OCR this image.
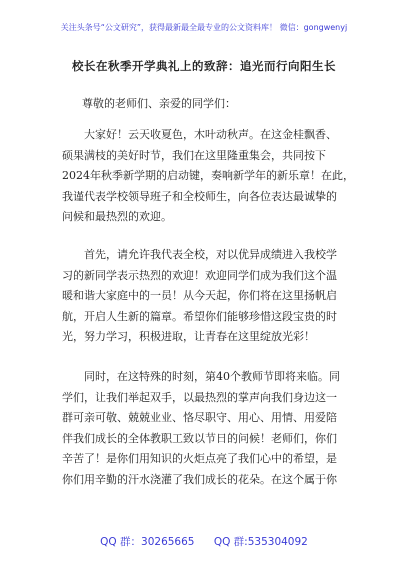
关注头条号“公文研究”，获得最新最全最专业的公文资料库！ 微信：gongwenyj
校长在秋季开学典礼上的致辞：追光而行向阳生长
尊敬的老师们、亲爱的同学们：
　　大家好！云天收夏色，木叶动秋声。在这金桂飘香、
硕果满枝的美好时节，我们在这里隆重集会，共同按下
2024年秋季新学期的启动键，奏响新学年的新乐章！在此，
我谨代表学校领导班子和全校师生，向各位表达最诚挚的
问候和最热烈的欢迎。
　　首先，请允许我代表全校，对以优异成绩进入我校学
习的新同学表示热烈的欢迎！欢迎同学们成为我们这个温
暖和谐大家庭中的一员！从今天起，你们将在这里扬帆启
航，开启人生新的篇章。希望你们能够珍惜这段宝贵的时
光，努力学习，积极进取，让青春在这里绽放光彩！
　　同时，在这特殊的时刻，第40个教师节即将来临。同
学们，让我们举起双手，以最热烈的掌声向我们身边这一
群可亲可敬、兢兢业业、恪尽职守、用心、用情、用爱陪
伴我们成长的全体教职工致以节日的问候！老师们，你们
辛苦了！是你们用知识的火炬点亮了我们心中的希望，是
你们用辛勤的汗水浇灌了我们成长的花朵。在这个属于你
QQ 群：30265665 QQ 群:535304092
